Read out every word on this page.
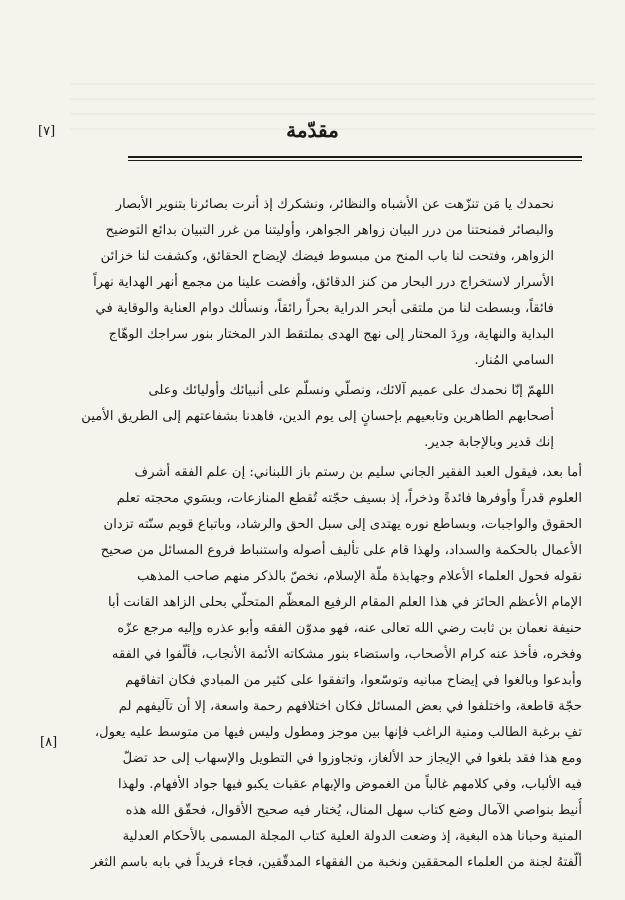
[٧]	مقدّمة
[٨]
نحمدك يا مَن تنزّهت عن الأشباه والنظائر، ونشكرك إذ أنرت بصائرنا بتنوير الأبصار
والبصائر فمنحتنا من درر البيان زواهر الجواهر، وأوليتنا من غرر التبيان بدائع التوضيح
الزواهر، وفتحت لنا باب المنح من مبسوط فيضك لإيضاح الحقائق، وكشفت لنا خزائن
الأسرار لاستخراج درر البحار من كنز الدقائق، وأفضت علينا من مجمع أنهر الهداية نهراً
فائقاً، وبسطت لنا من ملتقى أبحر الدراية بحراً رائقاً، ونسألك دوام العناية والوقاية في
البداية والنهاية، ورِدَ المحتار إلى نهج الهدى بملتقط الدر المختار بنور سراجك الوهّاج
السامي المُنار.
اللهمّ إنّا نحمدك على عميم آلائك، ونصلّي ونسلّم على أنبيائك وأوليائك وعلى
أصحابهم الطاهرين وتابعيهم بإحسانٍ إلى يوم الدين، فاهدنا بشفاعتهم إلى الطريق الأمين
إنك قدير وبالإجابة جدير.
أما بعد، فيقول العبد الفقير الجاني سليم بن رستم باز اللبناني: إن علم الفقه أشرف
العلوم قدراً وأوفرها فائدةً وذخراً، إذ بسيف حجّته تُقطع المنازعات، وبسَوي محجته تعلم
الحقوق والواجبات، وبساطع نوره يهتدى إلى سبل الحق والرشاد، وباتباع قويم سنّته تزدان
الأعمال بالحكمة والسداد، ولهذا قام على تأليف أصوله واستنباط فروع المسائل من صحيح
نقوله فحول العلماء الأعلام وجهابذة ملّة الإسلام، نخصّ بالذكر منهم صاحب المذهب
الإمام الأعظم الحائز في هذا العلم المقام الرفيع المعظّم المتحلّي بحلى الزاهد القانت أبا
حنيفة نعمان بن ثابت رضي الله تعالى عنه، فهو مدوّن الفقه وأبو عذره وإليه مرجع عزّه
وفخره، فأخذ عنه كرام الأصحاب، واستضاء بنور مشكاته الأئمة الأنجاب، فألّفوا في الفقه
وأبدعوا وبالغوا في إيضاح مبانيه وتوسّعوا، واتفقوا على كثير من المبادي فكان اتفاقهم
حجّة قاطعة، واختلفوا في بعض المسائل فكان اختلافهم رحمة واسعة، إلا أن تآليفهم لم
تفِ برغبة الطالب ومنية الراغب فإنها بين موجز ومطول وليس فيها من متوسط عليه يعول،
ومع هذا فقد بلغوا في الإيجاز حد الألغاز، وتجاوزوا في التطويل والإسهاب إلى حد تضلّ
فيه الألباب، وفي كلامهم غالباً من الغموض والإبهام عقبات يكبو فيها جواد الأفهام. ولهذا
أُنيط بنواصي الآمال وضع كتاب سهل المنال، يُختار فيه صحيح الأقوال، فحقّق الله هذه
المنية وحبانا هذه البغية، إذ وضعت الدولة العلية كتاب المجلة المسمى بالأحكام العدلية
ألّفتهُ لجنة من العلماء المحققين ونخبة من الفقهاء المدقّقين، فجاء فريداً في بابه باسم الثغر
